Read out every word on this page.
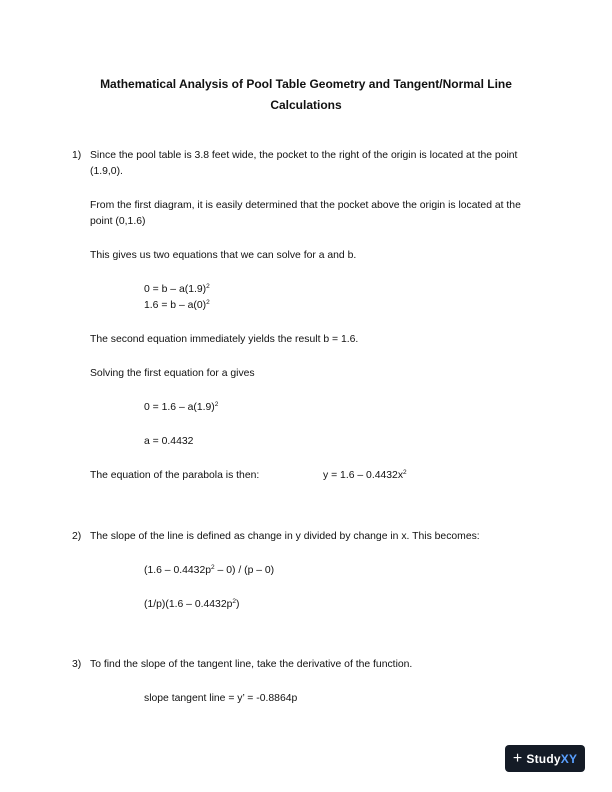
Mathematical Analysis of Pool Table Geometry and Tangent/Normal Line Calculations
1) Since the pool table is 3.8 feet wide, the pocket to the right of the origin is located at the point (1.9,0).
From the first diagram, it is easily determined that the pocket above the origin is located at the point (0,1.6)
This gives us two equations that we can solve for a and b.
$0 = b - a(1.9)^2$
$1.6 = b - a(0)^2$
The second equation immediately yields the result b = 1.6.
Solving the first equation for a gives
$0 = 1.6 - a(1.9)^2$
a = 0.4432
The equation of the parabola is then:	$y = 1.6 - 0.4432x^2$
2) The slope of the line is defined as change in y divided by change in x. This becomes:
$(1.6 - 0.4432p^2 - 0) / (p - 0)$
$(1/p)(1.6 - 0.4432p^2)$
3) To find the slope of the tangent line, take the derivative of the function.
slope tangent line = y’ = -0.8864p
+ Study XY
